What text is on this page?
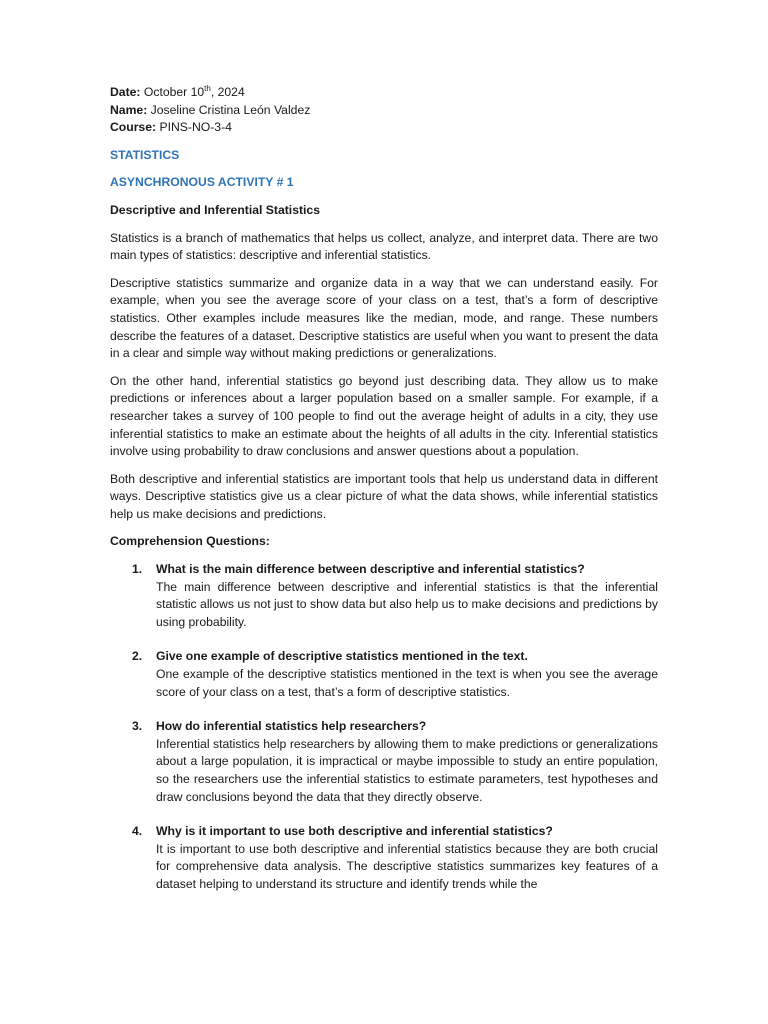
Date: October 10th, 2024

Name: Joseline Cristina León Valdez

Course: PINS-NO-3-4

STATISTICS
ASYNCHRONOUS ACTIVITY # 1
Descriptive and Inferential Statistics

Statistics is a branch of mathematics that helps us collect, analyze, and interpret data. There are two main types of statistics: descriptive and inferential statistics.

Descriptive statistics summarize and organize data in a way that we can understand easily. For example, when you see the average score of your class on a test, that’s a form of descriptive statistics. Other examples include measures like the median, mode, and range. These numbers describe the features of a dataset. Descriptive statistics are useful when you want to present the data in a clear and simple way without making predictions or generalizations.

On the other hand, inferential statistics go beyond just describing data. They allow us to make predictions or inferences about a larger population based on a smaller sample. For example, if a researcher takes a survey of 100 people to find out the average height of adults in a city, they use inferential statistics to make an estimate about the heights of all adults in the city. Inferential statistics involve using probability to draw conclusions and answer questions about a population.

Both descriptive and inferential statistics are important tools that help us understand data in different ways. Descriptive statistics give us a clear picture of what the data shows, while inferential statistics help us make decisions and predictions.

Comprehension Questions:
1. What is the main difference between descriptive and inferential statistics?

The main difference between descriptive and inferential statistics is that the inferential statistic allows us not just to show data but also help us to make decisions and predictions by using probability.

2. Give one example of descriptive statistics mentioned in the text.

One example of the descriptive statistics mentioned in the text is when you see the average score of your class on a test, that’s a form of descriptive statistics.

3. How do inferential statistics help researchers?

Inferential statistics help researchers by allowing them to make predictions or generalizations about a large population, it is impractical or maybe impossible to study an entire population, so the researchers use the inferential statistics to estimate parameters, test hypotheses and draw conclusions beyond the data that they directly observe.

4. Why is it important to use both descriptive and inferential statistics?

It is important to use both descriptive and inferential statistics because they are both crucial for comprehensive data analysis. The descriptive statistics summarizes key features of a dataset helping to understand its structure and identify trends while the
